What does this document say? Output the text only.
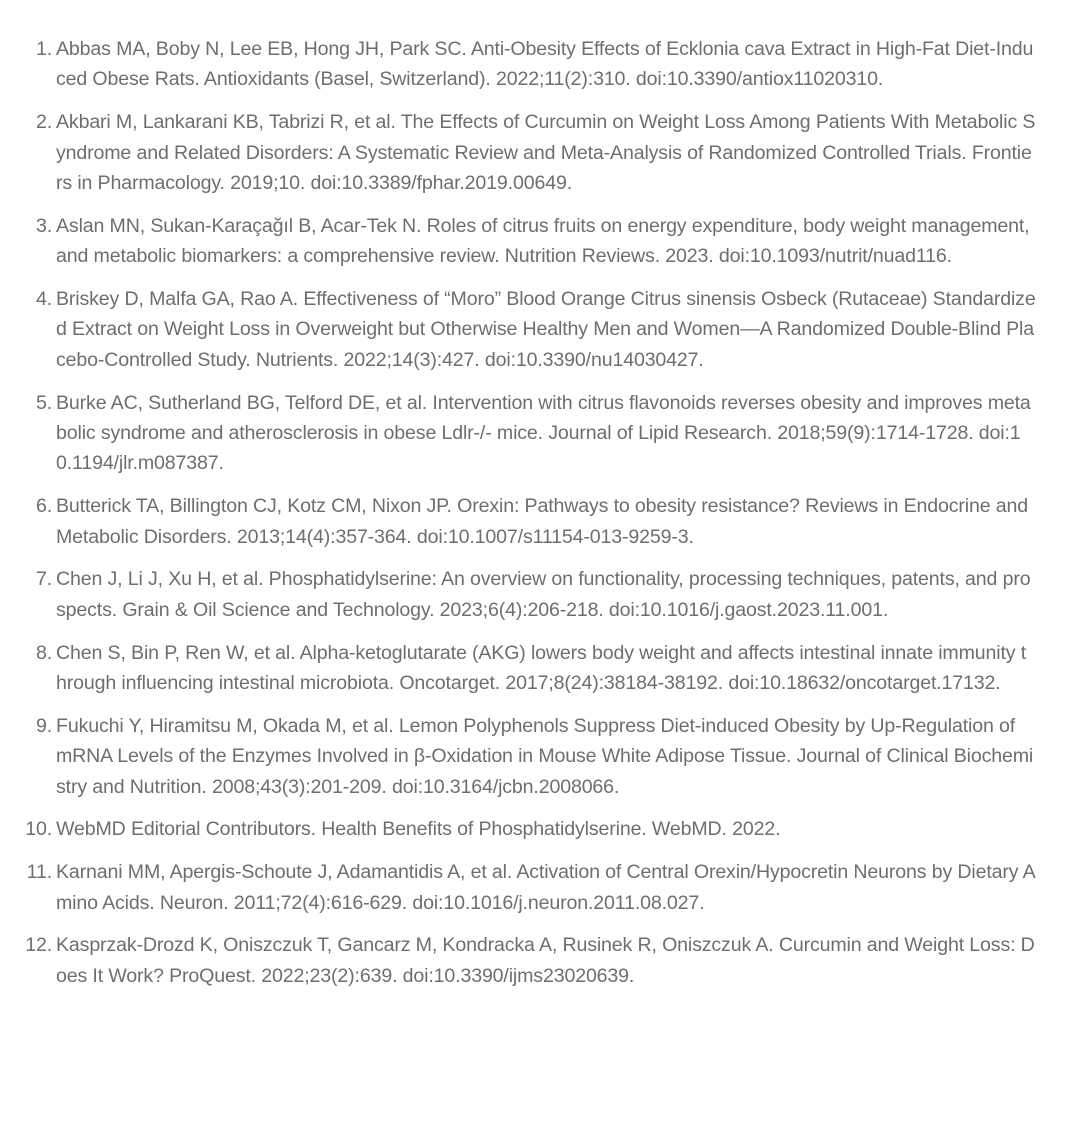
1. Abbas MA, Boby N, Lee EB, Hong JH, Park SC. Anti-Obesity Effects of Ecklonia cava Extract in High-Fat Diet-Induced Obese Rats. Antioxidants (Basel, Switzerland). 2022;11(2):310. doi:10.3390/antiox11020310.
2. Akbari M, Lankarani KB, Tabrizi R, et al. The Effects of Curcumin on Weight Loss Among Patients With Metabolic Syndrome and Related Disorders: A Systematic Review and Meta-Analysis of Randomized Controlled Trials. Frontiers in Pharmacology. 2019;10. doi:10.3389/fphar.2019.00649.
3. Aslan MN, Sukan-Karaçağıl B, Acar-Tek N. Roles of citrus fruits on energy expenditure, body weight management, and metabolic biomarkers: a comprehensive review. Nutrition Reviews. 2023. doi:10.1093/nutrit/nuad116.
4. Briskey D, Malfa GA, Rao A. Effectiveness of “Moro” Blood Orange Citrus sinensis Osbeck (Rutaceae) Standardized Extract on Weight Loss in Overweight but Otherwise Healthy Men and Women—A Randomized Double-Blind Placebo-Controlled Study. Nutrients. 2022;14(3):427. doi:10.3390/nu14030427.
5. Burke AC, Sutherland BG, Telford DE, et al. Intervention with citrus flavonoids reverses obesity and improves metabolic syndrome and atherosclerosis in obese Ldlr-/- mice. Journal of Lipid Research. 2018;59(9):1714-1728. doi:10.1194/jlr.m087387.
6. Butterick TA, Billington CJ, Kotz CM, Nixon JP. Orexin: Pathways to obesity resistance? Reviews in Endocrine and Metabolic Disorders. 2013;14(4):357-364. doi:10.1007/s11154-013-9259-3.
7. Chen J, Li J, Xu H, et al. Phosphatidylserine: An overview on functionality, processing techniques, patents, and prospects. Grain & Oil Science and Technology. 2023;6(4):206-218. doi:10.1016/j.gaost.2023.11.001.
8. Chen S, Bin P, Ren W, et al. Alpha-ketoglutarate (AKG) lowers body weight and affects intestinal innate immunity through influencing intestinal microbiota. Oncotarget. 2017;8(24):38184-38192. doi:10.18632/oncotarget.17132.
9. Fukuchi Y, Hiramitsu M, Okada M, et al. Lemon Polyphenols Suppress Diet-induced Obesity by Up-Regulation of mRNA Levels of the Enzymes Involved in β-Oxidation in Mouse White Adipose Tissue. Journal of Clinical Biochemistry and Nutrition. 2008;43(3):201-209. doi:10.3164/jcbn.2008066.
10. WebMD Editorial Contributors. Health Benefits of Phosphatidylserine. WebMD. 2022.
11. Karnani MM, Apergis-Schoute J, Adamantidis A, et al. Activation of Central Orexin/Hypocretin Neurons by Dietary Amino Acids. Neuron. 2011;72(4):616-629. doi:10.1016/j.neuron.2011.08.027.
12. Kasprzak-Drozd K, Oniszczuk T, Gancarz M, Kondracka A, Rusinek R, Oniszczuk A. Curcumin and Weight Loss: Does It Work? ProQuest. 2022;23(2):639. doi:10.3390/ijms23020639.
